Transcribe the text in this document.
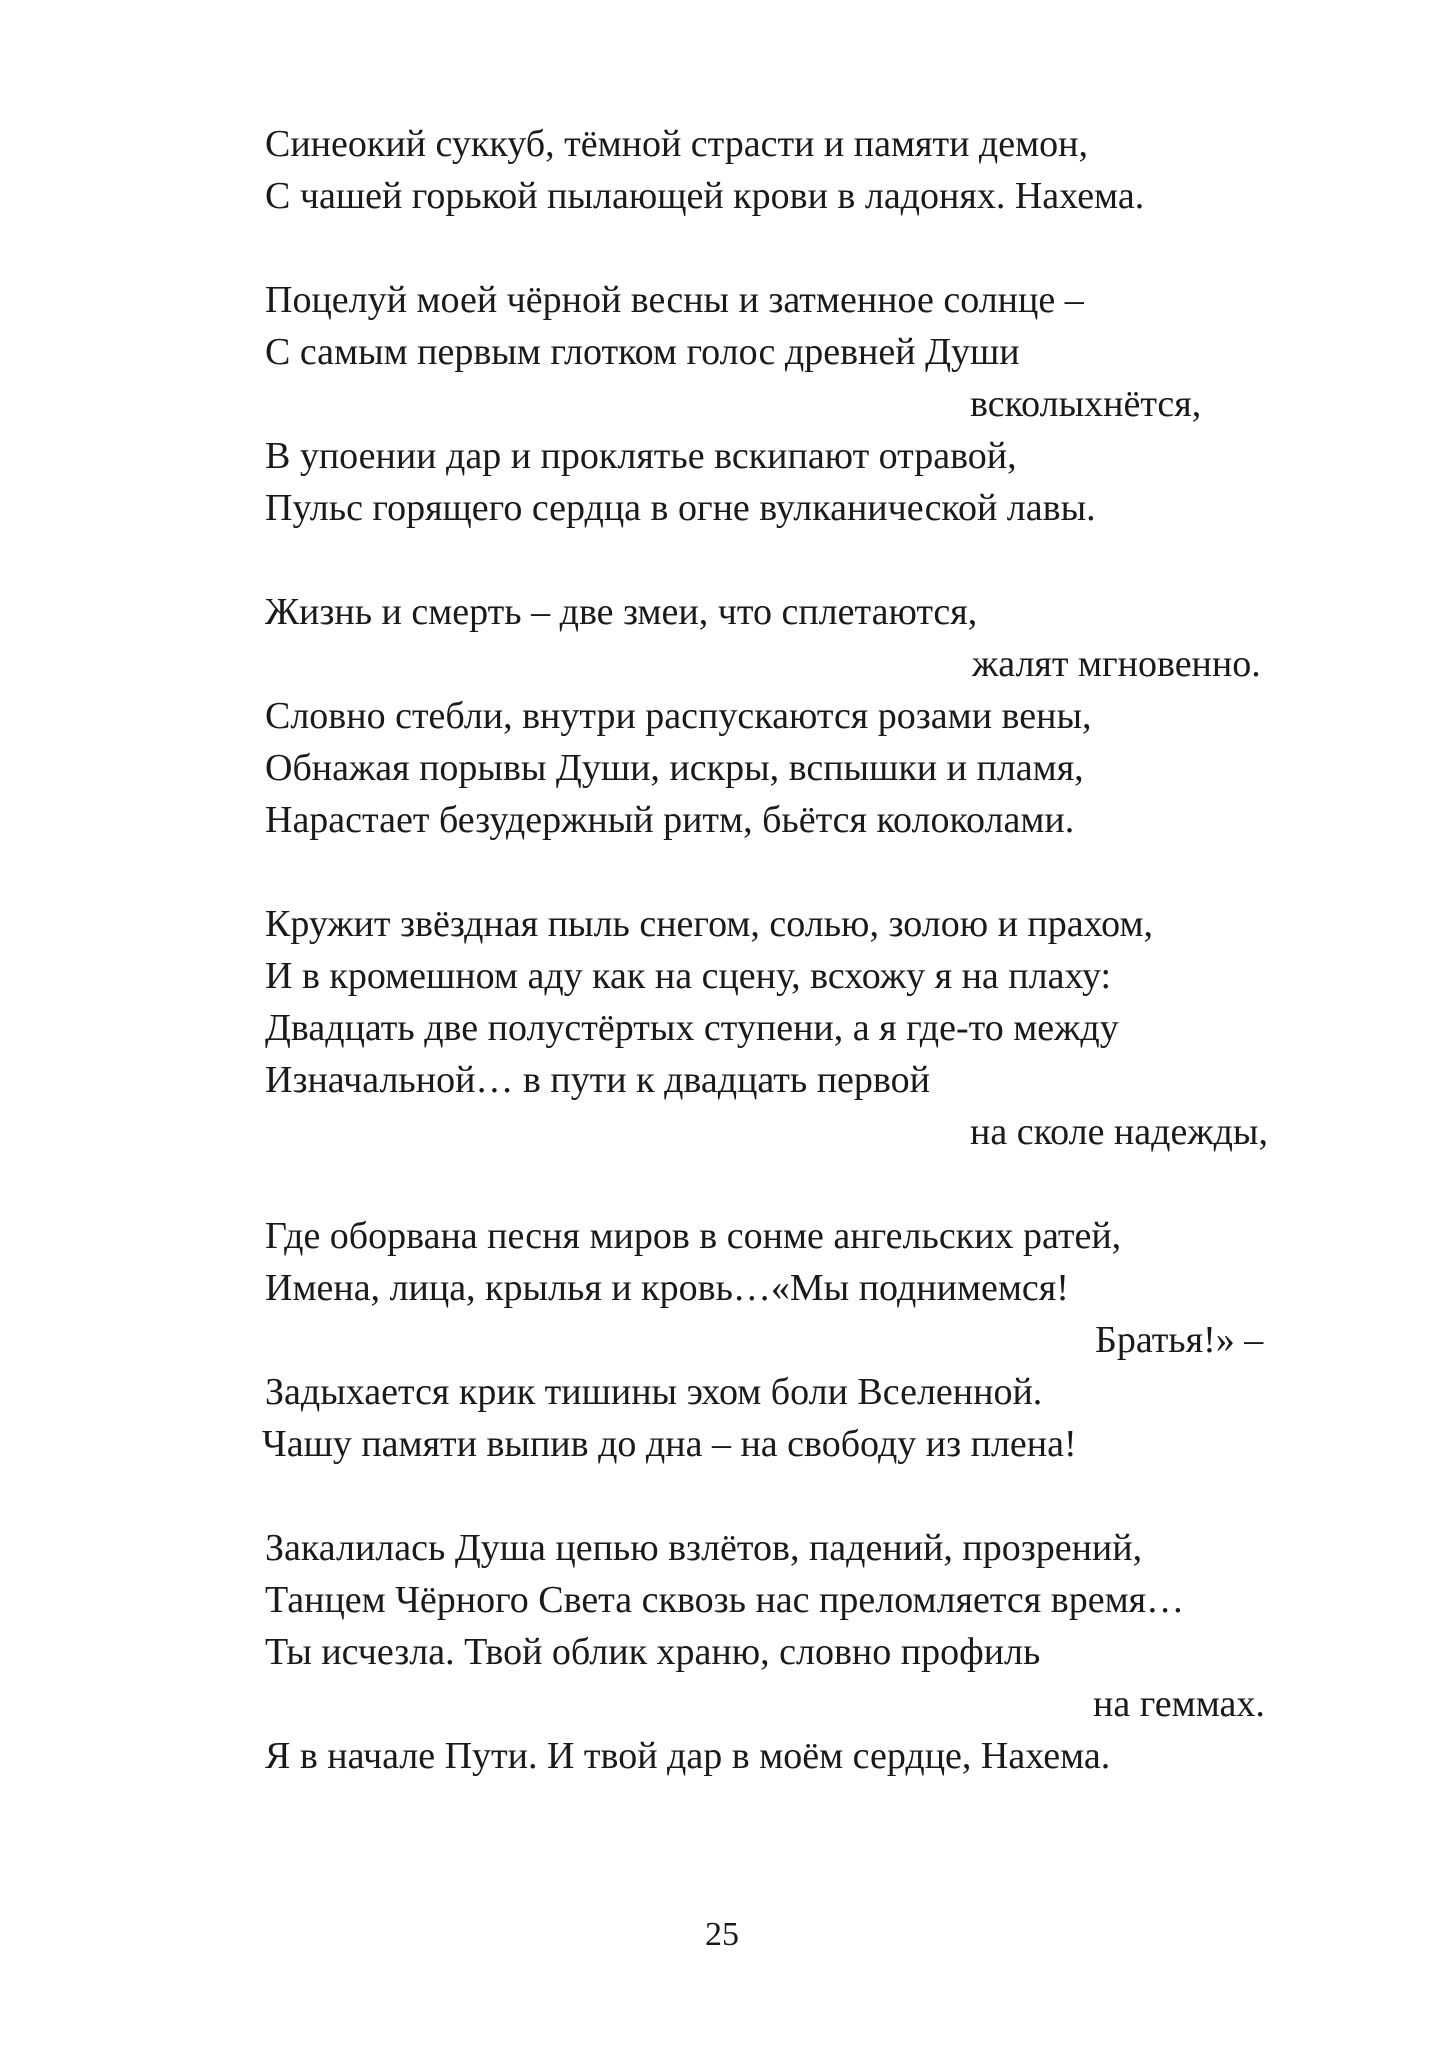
Синеокий суккуб, тёмной страсти и памяти демон,
С чашей горькой пылающей крови в ладонях. Нахема.
Поцелуй моей чёрной весны и затменное солнце –
С самым первым глотком голос древней Души
всколыхнётся,
В упоении дар и проклятье вскипают отравой,
Пульс горящего сердца в огне вулканической лавы.
Жизнь и смерть – две змеи, что сплетаются,
жалят мгновенно.
Словно стебли, внутри распускаются розами вены,
Обнажая порывы Души, искры, вспышки и пламя,
Нарастает безудержный ритм, бьётся колоколами.
Кружит звёздная пыль снегом, солью, золою и прахом,
И в кромешном аду как на сцену, всхожу я на плаху:
Двадцать две полустёртых ступени, а я где-то между
Изначальной… в пути к двадцать первой
на сколе надежды,
Где оборвана песня миров в сонме ангельских ратей,
Имена, лица, крылья и кровь…«Мы поднимемся!
Братья!» –
Задыхается крик тишины эхом боли Вселенной.
Чашу памяти выпив до дна – на свободу из плена!
Закалилась Душа цепью взлётов, падений, прозрений,
Танцем Чёрного Света сквозь нас преломляется время…
Ты исчезла. Твой облик храню, словно профиль
на геммах.
Я в начале Пути. И твой дар в моём сердце, Нахема.
25
